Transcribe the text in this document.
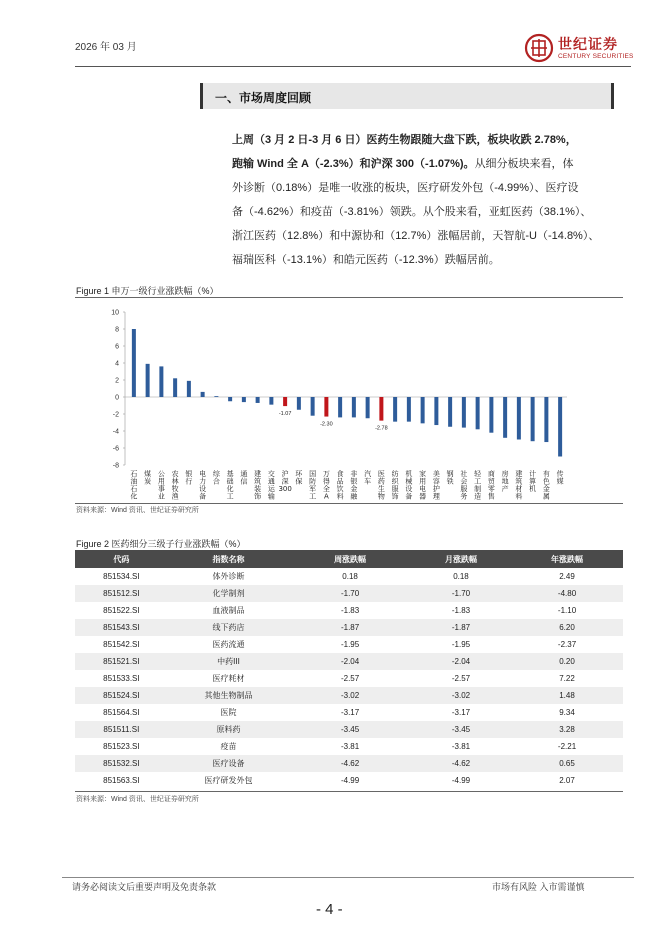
2026 年 03 月	世纪证券
CENTURY SECURITIES
一、市场周度回顾
上周（3 月 2 日-3 月 6 日）医药生物跟随大盘下跌，板块收跌 2.78%，
跑输 Wind 全 A（-2.3%）和沪深 300（-1.07%)。从细分板块来看，体
外诊断（0.18%）是唯一收涨的板块，医疗研发外包（-4.99%）、医疗设
备（-4.62%）和疫苗（-3.81%）领跌。从个股来看，亚虹医药（38.1%）、
浙江医药（12.8%）和中源协和（12.7%）涨幅居前，天智航-U（-14.8%）、
福瑞医科（-13.1%）和皓元医药（-12.3%）跌幅居前。
Figure 1 申万一级行业涨跌幅（%）
10
8
6
4
2
0
-2
-4
-6
-8
石油石化
煤炭
公用事业
农林牧渔
银行
电力设备
综合
基础化工
通信
建筑装饰
交通运输
-1.07
沪深 300
环保
国防军工
-2.30
万得全 A
食品饮料
非银金融
汽车
-2.78
医药生物
纺织服饰
机械设备
家用电器
美容护理
钢铁
社会服务
轻工制造
商贸零售
房地产
建筑材料
计算机
有色金属
传媒
资料来源：Wind 资讯、世纪证券研究所
Figure 2 医药细分三级子行业涨跌幅（%）
代码	指数名称	周涨跌幅	月涨跌幅	年涨跌幅
851534.SI	体外诊断	0.18	0.18	2.49
851512.SI	化学制剂	-1.70	-1.70	-4.80
851522.SI	血液制品	-1.83	-1.83	-1.10
851543.SI	线下药店	-1.87	-1.87	6.20
851542.SI	医药流通	-1.95	-1.95	-2.37
851521.SI	中药III	-2.04	-2.04	0.20
851533.SI	医疗耗材	-2.57	-2.57	7.22
851524.SI	其他生物制品	-3.02	-3.02	1.48
851564.SI	医院	-3.17	-3.17	9.34
851511.SI	原料药	-3.45	-3.45	3.28
851523.SI	疫苗	-3.81	-3.81	-2.21
851532.SI	医疗设备	-4.62	-4.62	0.65
851563.SI	医疗研发外包	-4.99	-4.99	2.07
资料来源：Wind 资讯、世纪证券研究所
请务必阅读文后重要声明及免责条款	市场有风险 入市需谨慎
- 4 -
